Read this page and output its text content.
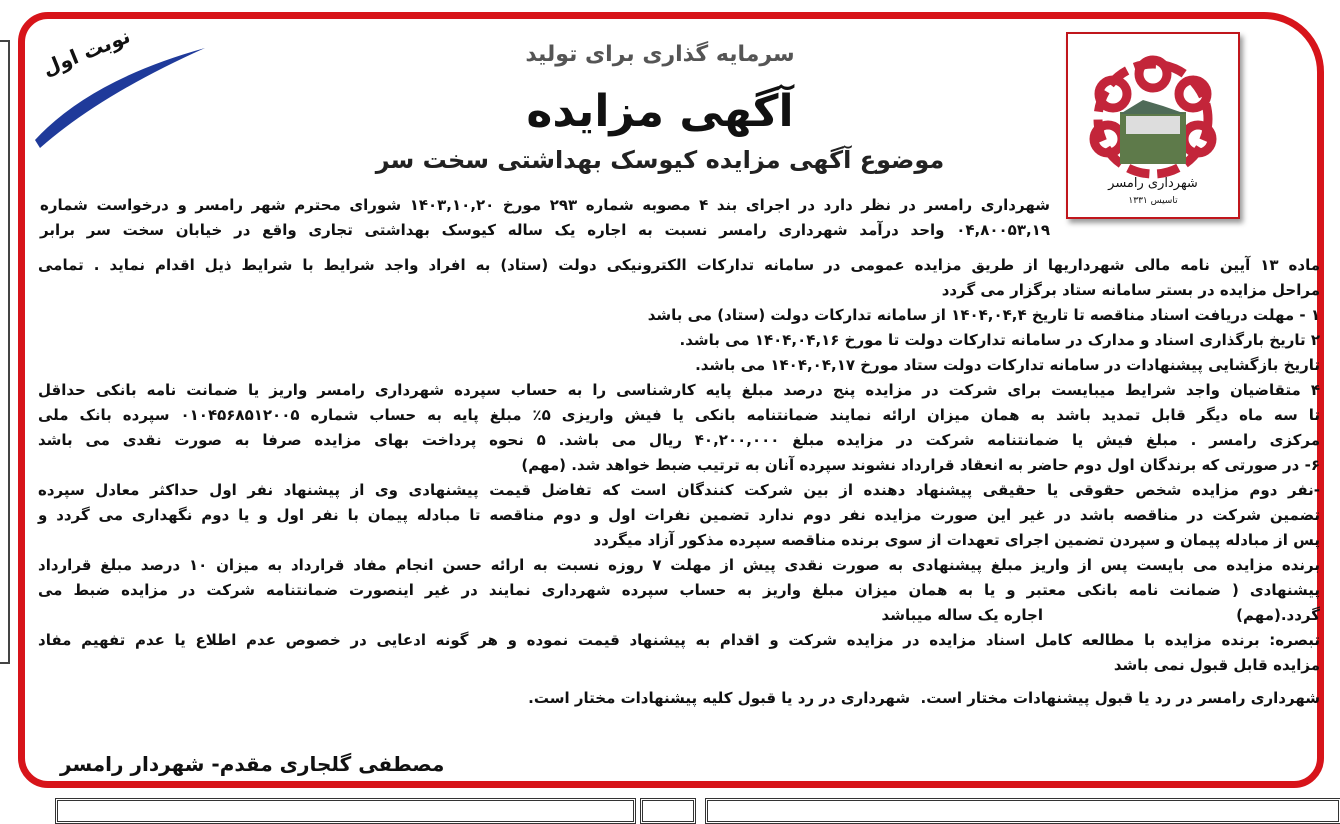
نوبت اول	سرمایه گذاری برای تولید
آگهی مزایده
موضوع آگهی مزایده کیوسک بهداشتی سخت سر
شهرداری رامسر
تاسیس ۱۳۳۱
شهرداری رامسر در نظر دارد در اجرای بند ۴ مصوبه شماره ۲۹۳ مورخ ۱۴۰۳,۱۰,۲۰ شورای محترم شهر رامسر و درخواست شماره
۰۴,۸۰۰۵۳,۱۹ واحد درآمد شهرداری رامسر نسبت به اجاره یک ساله کیوسک بهداشتی تجاری واقع در خیابان سخت سر برابر
ماده ۱۳ آیین نامه مالی شهرداریها از طریق مزایده عمومی در سامانه تدارکات الکترونیکی دولت (ستاد) به افراد واجد شرایط با شرایط ذیل اقدام نماید . تمامی
مراحل مزایده در بستر سامانه ستاد برگزار می گردد
۱ - مهلت دریافت اسناد مناقصه تا تاریخ ۱۴۰۴,۰۴,۴ از سامانه تدارکات دولت (ستاد) می باشد
۲ تاریخ بارگذاری اسناد و مدارک در سامانه تدارکات دولت تا مورخ ۱۴۰۴,۰۴,۱۶ می باشد.
تاریخ بازگشایی پیشنهادات در سامانه تدارکات دولت ستاد مورخ ۱۴۰۴,۰۴,۱۷ می باشد.
۴ متقاضیان واجد شرایط میبایست برای شرکت در مزایده پنج درصد مبلغ پایه کارشناسی را به حساب سپرده شهرداری رامسر واریز یا ضمانت نامه بانکی حداقل
تا سه ماه دیگر قابل تمدید باشد به همان میزان ارائه نمایند ضمانتنامه بانکی یا فیش واریزی ۵٪ مبلغ پایه به حساب شماره ۰۱۰۴۵۶۸۵۱۲۰۰۵ سپرده بانک ملی
مرکزی رامسر . مبلغ فیش یا ضمانتنامه شرکت در مزایده مبلغ ۴۰,۲۰۰,۰۰۰ ریال می باشد. ۵ نحوه پرداخت بهای مزایده صرفا به صورت نقدی می باشد
۶- در صورتی که برندگان اول دوم حاضر به انعقاد قرارداد نشوند سپرده آنان به ترتیب ضبط خواهد شد. (مهم)
-نفر دوم مزایده شخص حقوقی یا حقیقی پیشنهاد دهنده از بین شرکت کنندگان است که تفاضل قیمت پیشنهادی وی از پیشنهاد نفر اول حداکثر معادل سپرده
تضمین شرکت در مناقصه باشد در غیر این صورت مزایده نفر دوم ندارد تضمین نفرات اول و دوم مناقصه تا مبادله پیمان با نفر اول و یا دوم نگهداری می گردد و
پس از مبادله پیمان و سپردن تضمین اجرای تعهدات از سوی برنده مناقصه سپرده مذکور آزاد میگردد
برنده مزایده می بایست پس از واریز مبلغ پیشنهادی به صورت نقدی پیش از مهلت ۷ روزه نسبت به ارائه حسن انجام مفاد قرارداد به میزان ۱۰ درصد مبلغ قرارداد
پیشنهادی ( ضمانت نامه بانکی معتبر و یا به همان میزان مبلغ واریز به حساب سپرده شهرداری نمایند در غیر اینصورت ضمانتنامه شرکت در مزایده ضبط می
گردد.(مهم)                                     اجاره یک ساله میباشد
تبصره: برنده مزایده با مطالعه کامل اسناد مزایده در مزایده شرکت و اقدام به پیشنهاد قیمت نموده و هر گونه ادعایی در خصوص عدم اطلاع یا عدم تفهیم مفاد
مزایده قابل قبول نمی باشد
شهرداری رامسر در رد یا قبول پیشنهادات مختار است.  شهرداری در رد یا قبول کلیه پیشنهادات مختار است.
مصطفی گلجاری مقدم- شهردار رامسر
